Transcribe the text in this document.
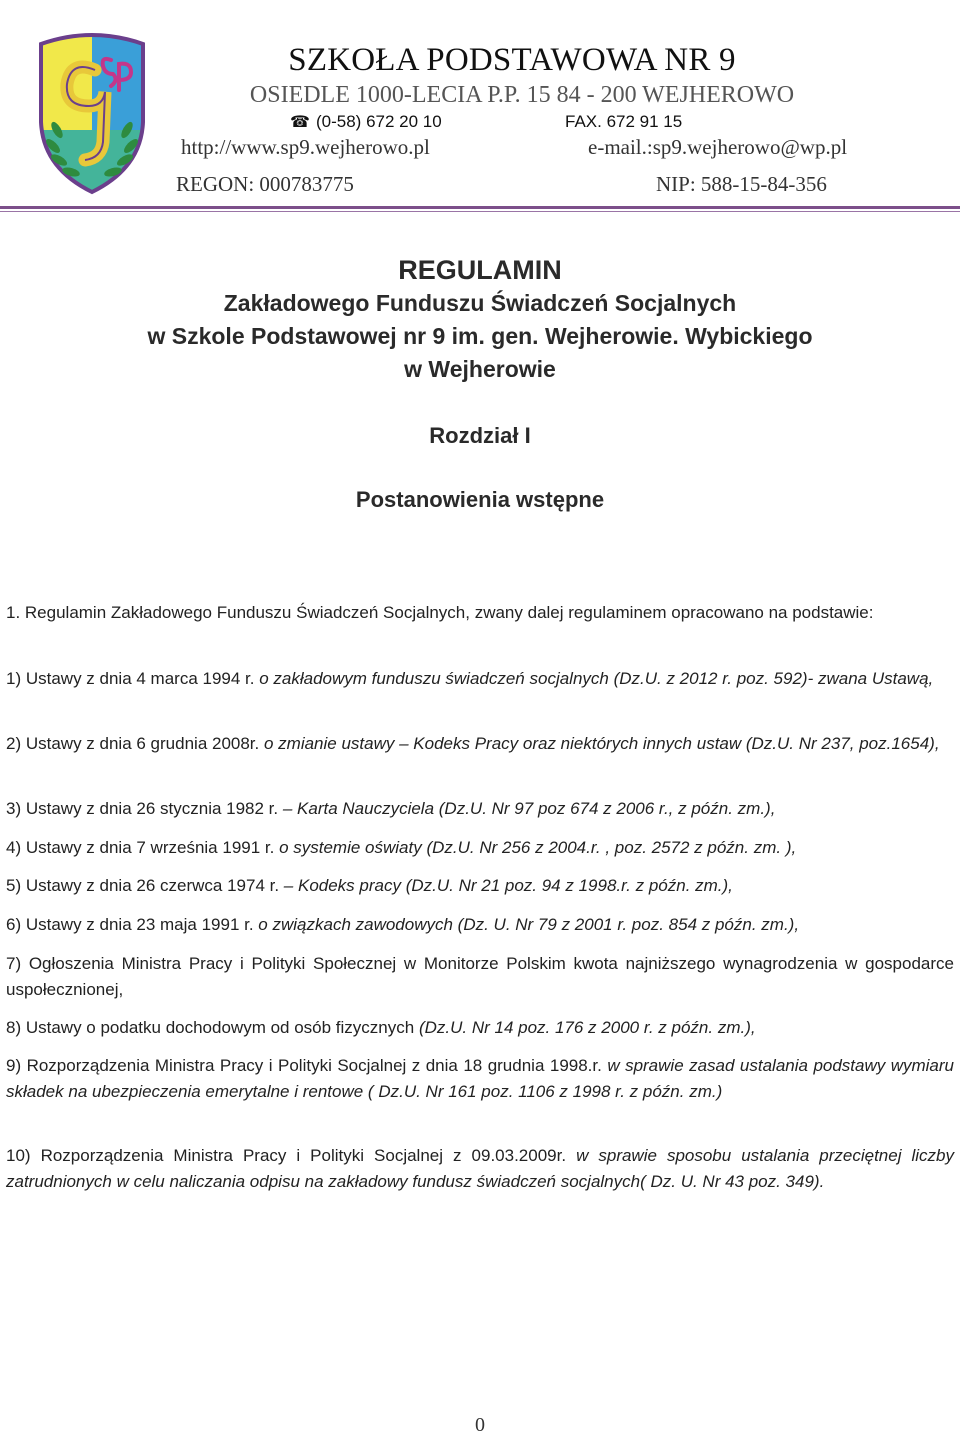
SZKOŁA PODSTAWOWA NR 9
OSIEDLE 1000-LECIA P.P. 15 84 - 200 WEJHEROWO
☎ (0-58) 672 20 10	FAX. 672 91 15
http://www.sp9.wejherowo.pl	e-mail.:sp9.wejherowo@wp.pl
REGON: 000783775	NIP: 588-15-84-356
REGULAMIN
Zakładowego Funduszu Świadczeń Socjalnych
w Szkole Podstawowej nr 9 im. gen. Wejherowie. Wybickiego
w Wejherowie
Rozdział I
Postanowienia wstępne
1. Regulamin Zakładowego Funduszu Świadczeń Socjalnych, zwany dalej regulaminem opracowano na podstawie:
1) Ustawy z dnia 4 marca 1994 r. o zakładowym funduszu świadczeń socjalnych (Dz.U. z 2012 r. poz. 592)- zwana Ustawą,
2) Ustawy z dnia 6 grudnia 2008r. o zmianie ustawy – Kodeks Pracy oraz niektórych innych ustaw (Dz.U. Nr 237, poz.1654),
3) Ustawy z dnia 26 stycznia 1982 r. – Karta Nauczyciela (Dz.U. Nr 97 poz 674 z 2006 r., z późn. zm.),
4) Ustawy z dnia 7 września 1991 r. o systemie oświaty (Dz.U. Nr 256 z 2004.r. , poz. 2572 z późn. zm. ),
5) Ustawy z dnia 26 czerwca 1974 r. – Kodeks pracy (Dz.U. Nr 21 poz. 94 z 1998.r. z późn. zm.),
6) Ustawy z dnia 23 maja 1991 r. o związkach zawodowych (Dz. U. Nr 79 z 2001 r. poz. 854 z późn. zm.),
7) Ogłoszenia Ministra Pracy i Polityki Społecznej w Monitorze Polskim kwota najniższego wynagrodzenia w gospodarce uspołecznionej,
8) Ustawy o podatku dochodowym od osób fizycznych (Dz.U. Nr 14 poz. 176 z 2000 r. z późn. zm.),
9) Rozporządzenia Ministra Pracy i Polityki Socjalnej z dnia 18 grudnia 1998.r. w sprawie zasad ustalania podstawy wymiaru składek na ubezpieczenia emerytalne i rentowe ( Dz.U. Nr 161 poz. 1106 z 1998 r. z późn. zm.)
10) Rozporządzenia Ministra Pracy i Polityki Socjalnej z 09.03.2009r. w sprawie sposobu ustalania przeciętnej liczby zatrudnionych w celu naliczania odpisu na zakładowy fundusz świadczeń socjalnych( Dz. U. Nr 43 poz. 349).
0
